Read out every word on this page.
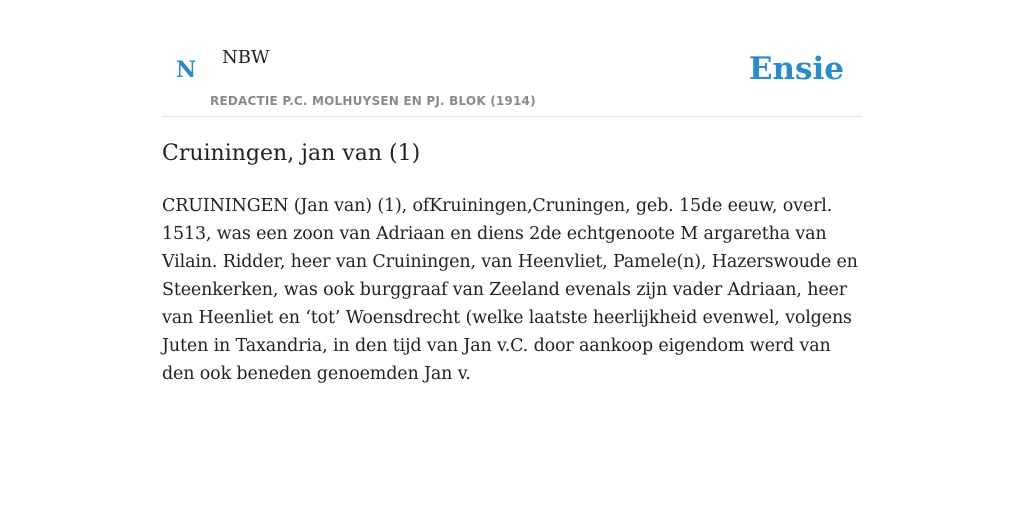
N NBW
REDACTIE P.C. MOLHUYSEN EN PJ. BLOK (1914)
Ensie
Cruiningen, jan van (1)

CRUININGEN (Jan van) (1), ofKruiningen,Cruningen, geb. 15de eeuw, overl. 1513, was een zoon van Adriaan en diens 2de echtgenoote M argaretha van Vilain. Ridder, heer van Cruiningen, van Heenvliet, Pamele(n), Hazerswoude en Steenkerken, was ook burggraaf van Zeeland evenals zijn vader Adriaan, heer van Heenliet en ‘tot’ Woensdrecht (welke laatste heerlijkheid evenwel, volgens Juten in Taxandria, in den tijd van Jan v.C. door aankoop eigendom werd van den ook beneden genoemden Jan v.
